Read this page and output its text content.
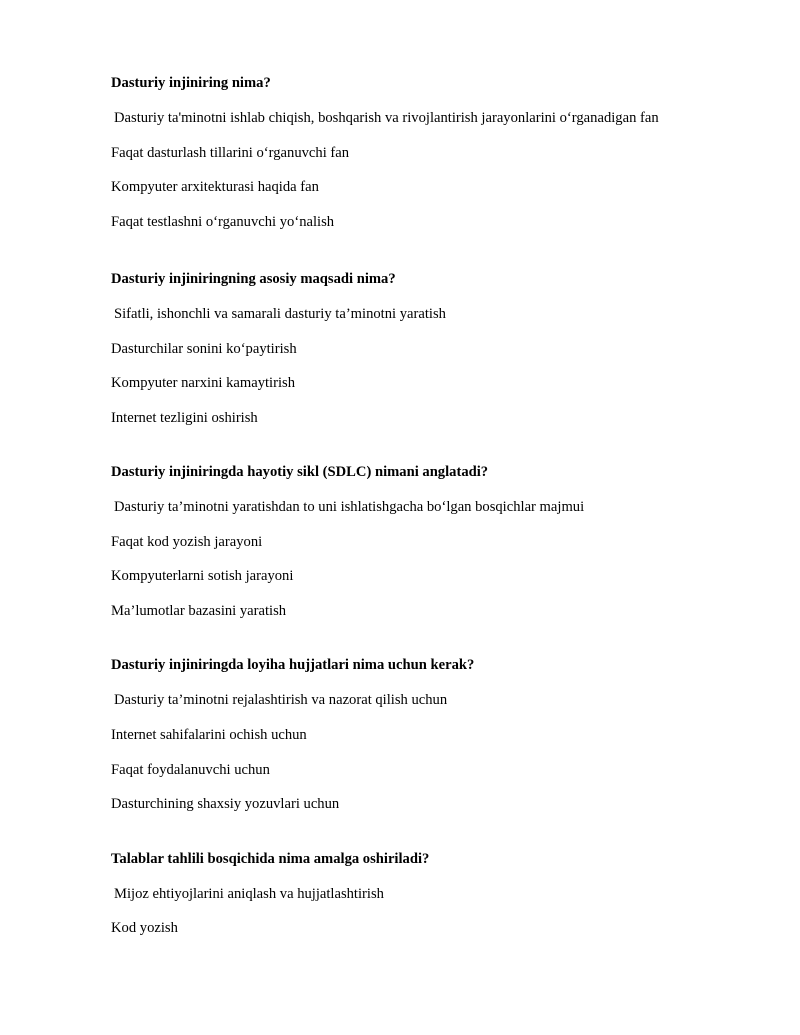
Dasturiy injiniring nima?
Dasturiy ta'minotni ishlab chiqish, boshqarish va rivojlantirish jarayonlarini o‘rganadigan fan
Faqat dasturlash tillarini o‘rganuvchi fan
Kompyuter arxitekturasi haqida fan
Faqat testlashni o‘rganuvchi yo‘nalish
Dasturiy injiniringning asosiy maqsadi nima?
Sifatli, ishonchli va samarali dasturiy ta’minotni yaratish
Dasturchilar sonini ko‘paytirish
Kompyuter narxini kamaytirish
Internet tezligini oshirish
Dasturiy injiniringda hayotiy sikl (SDLC) nimani anglatadi?
Dasturiy ta’minotni yaratishdan to uni ishlatishgacha bo‘lgan bosqichlar majmui
Faqat kod yozish jarayoni
Kompyuterlarni sotish jarayoni
Ma’lumotlar bazasini yaratish
Dasturiy injiniringda loyiha hujjatlari nima uchun kerak?
Dasturiy ta’minotni rejalashtirish va nazorat qilish uchun
Internet sahifalarini ochish uchun
Faqat foydalanuvchi uchun
Dasturchining shaxsiy yozuvlari uchun
Talablar tahlili bosqichida nima amalga oshiriladi?
Mijoz ehtiyojlarini aniqlash va hujjatlashtirish
Kod yozish
